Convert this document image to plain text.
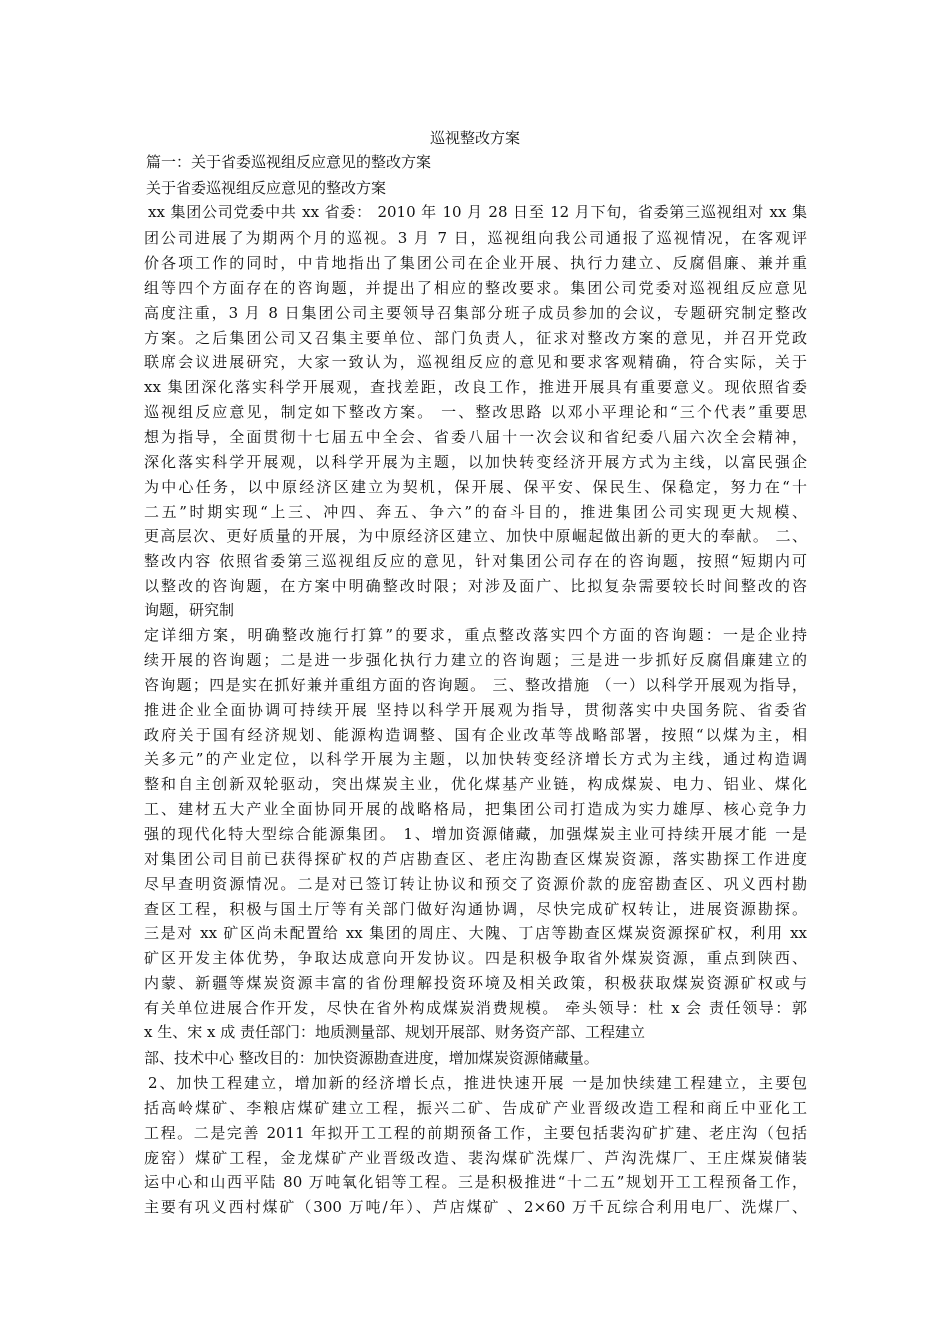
巡视整改方案
篇一：关于省委巡视组反应意见的整改方案
关于省委巡视组反应意见的整改方案
xx 集团公司党委中共 xx 省委： 2010 年 10 月 28 日至 12 月下旬，省委第三巡视组对 xx 集
团公司进展了为期两个月的巡视。3 月 7 日，巡视组向我公司通报了巡视情况，在客观评
价各项工作的同时，中肯地指出了集团公司在企业开展、执行力建立、反腐倡廉、兼并重
组等四个方面存在的咨询题，并提出了相应的整改要求。集团公司党委对巡视组反应意见
高度注重，3 月 8 日集团公司主要领导召集部分班子成员参加的会议，专题研究制定整改
方案。之后集团公司又召集主要单位、部门负责人，征求对整改方案的意见，并召开党政
联席会议进展研究，大家一致认为，巡视组反应的意见和要求客观精确，符合实际，关于
xx 集团深化落实科学开展观，查找差距，改良工作，推进开展具有重要意义。现依照省委
巡视组反应意见，制定如下整改方案。 一、整改思路 以邓小平理论和“三个代表”重要思
想为指导，全面贯彻十七届五中全会、省委八届十一次会议和省纪委八届六次全会精神，
深化落实科学开展观，以科学开展为主题，以加快转变经济开展方式为主线，以富民强企
为中心任务，以中原经济区建立为契机，保开展、保平安、保民生、保稳定，努力在“十
二五”时期实现“上三、冲四、奔五、争六”的奋斗目的，推进集团公司实现更大规模、
更高层次、更好质量的开展，为中原经济区建立、加快中原崛起做出新的更大的奉献。 二、
整改内容 依照省委第三巡视组反应的意见，针对集团公司存在的咨询题，按照“短期内可
以整改的咨询题，在方案中明确整改时限；对涉及面广、比拟复杂需要较长时间整改的咨
询题，研究制
定详细方案，明确整改施行打算”的要求，重点整改落实四个方面的咨询题：一是企业持
续开展的咨询题；二是进一步强化执行力建立的咨询题；三是进一步抓好反腐倡廉建立的
咨询题；四是实在抓好兼并重组方面的咨询题。 三、整改措施 （一）以科学开展观为指导，
推进企业全面协调可持续开展 坚持以科学开展观为指导，贯彻落实中央国务院、省委省
政府关于国有经济规划、能源构造调整、国有企业改革等战略部署，按照“以煤为主，相
关多元”的产业定位，以科学开展为主题，以加快转变经济增长方式为主线，通过构造调
整和自主创新双轮驱动，突出煤炭主业，优化煤基产业链，构成煤炭、电力、铝业、煤化
工、建材五大产业全面协同开展的战略格局，把集团公司打造成为实力雄厚、核心竞争力
强的现代化特大型综合能源集团。 1、增加资源储藏，加强煤炭主业可持续开展才能 一是
对集团公司目前已获得探矿权的芦店勘查区、老庄沟勘查区煤炭资源，落实勘探工作进度
尽早查明资源情况。二是对已签订转让协议和预交了资源价款的庞窑勘查区、巩义西村勘
查区工程，积极与国土厅等有关部门做好沟通协调，尽快完成矿权转让，进展资源勘探。
三是对 xx 矿区尚未配置给 xx 集团的周庄、大隗、丁店等勘查区煤炭资源探矿权，利用 xx
矿区开发主体优势，争取达成意向开发协议。四是积极争取省外煤炭资源，重点到陕西、
内蒙、新疆等煤炭资源丰富的省份理解投资环境及相关政策，积极获取煤炭资源矿权或与
有关单位进展合作开发，尽快在省外构成煤炭消费规模。 牵头领导：杜 x 会 责任领导：郭
x 生、宋 x 成 责任部门：地质测量部、规划开展部、财务资产部、工程建立
部、技术中心 整改目的：加快资源勘查进度，增加煤炭资源储藏量。
2、加快工程建立，增加新的经济增长点，推进快速开展 一是加快续建工程建立，主要包
括高岭煤矿、李粮店煤矿建立工程，振兴二矿、告成矿产业晋级改造工程和商丘中亚化工
工程。二是完善 2011 年拟开工工程的前期预备工作，主要包括裴沟矿扩建、老庄沟（包括
庞窑）煤矿工程，金龙煤矿产业晋级改造、裴沟煤矿洗煤厂、芦沟洗煤厂、王庄煤炭储装
运中心和山西平陆 80 万吨氧化铝等工程。三是积极推进“十二五”规划开工工程预备工作，
主要有巩义西村煤矿（300 万吨/年）、芦店煤矿 、2×60 万千瓦综合利用电厂、洗煤厂、
